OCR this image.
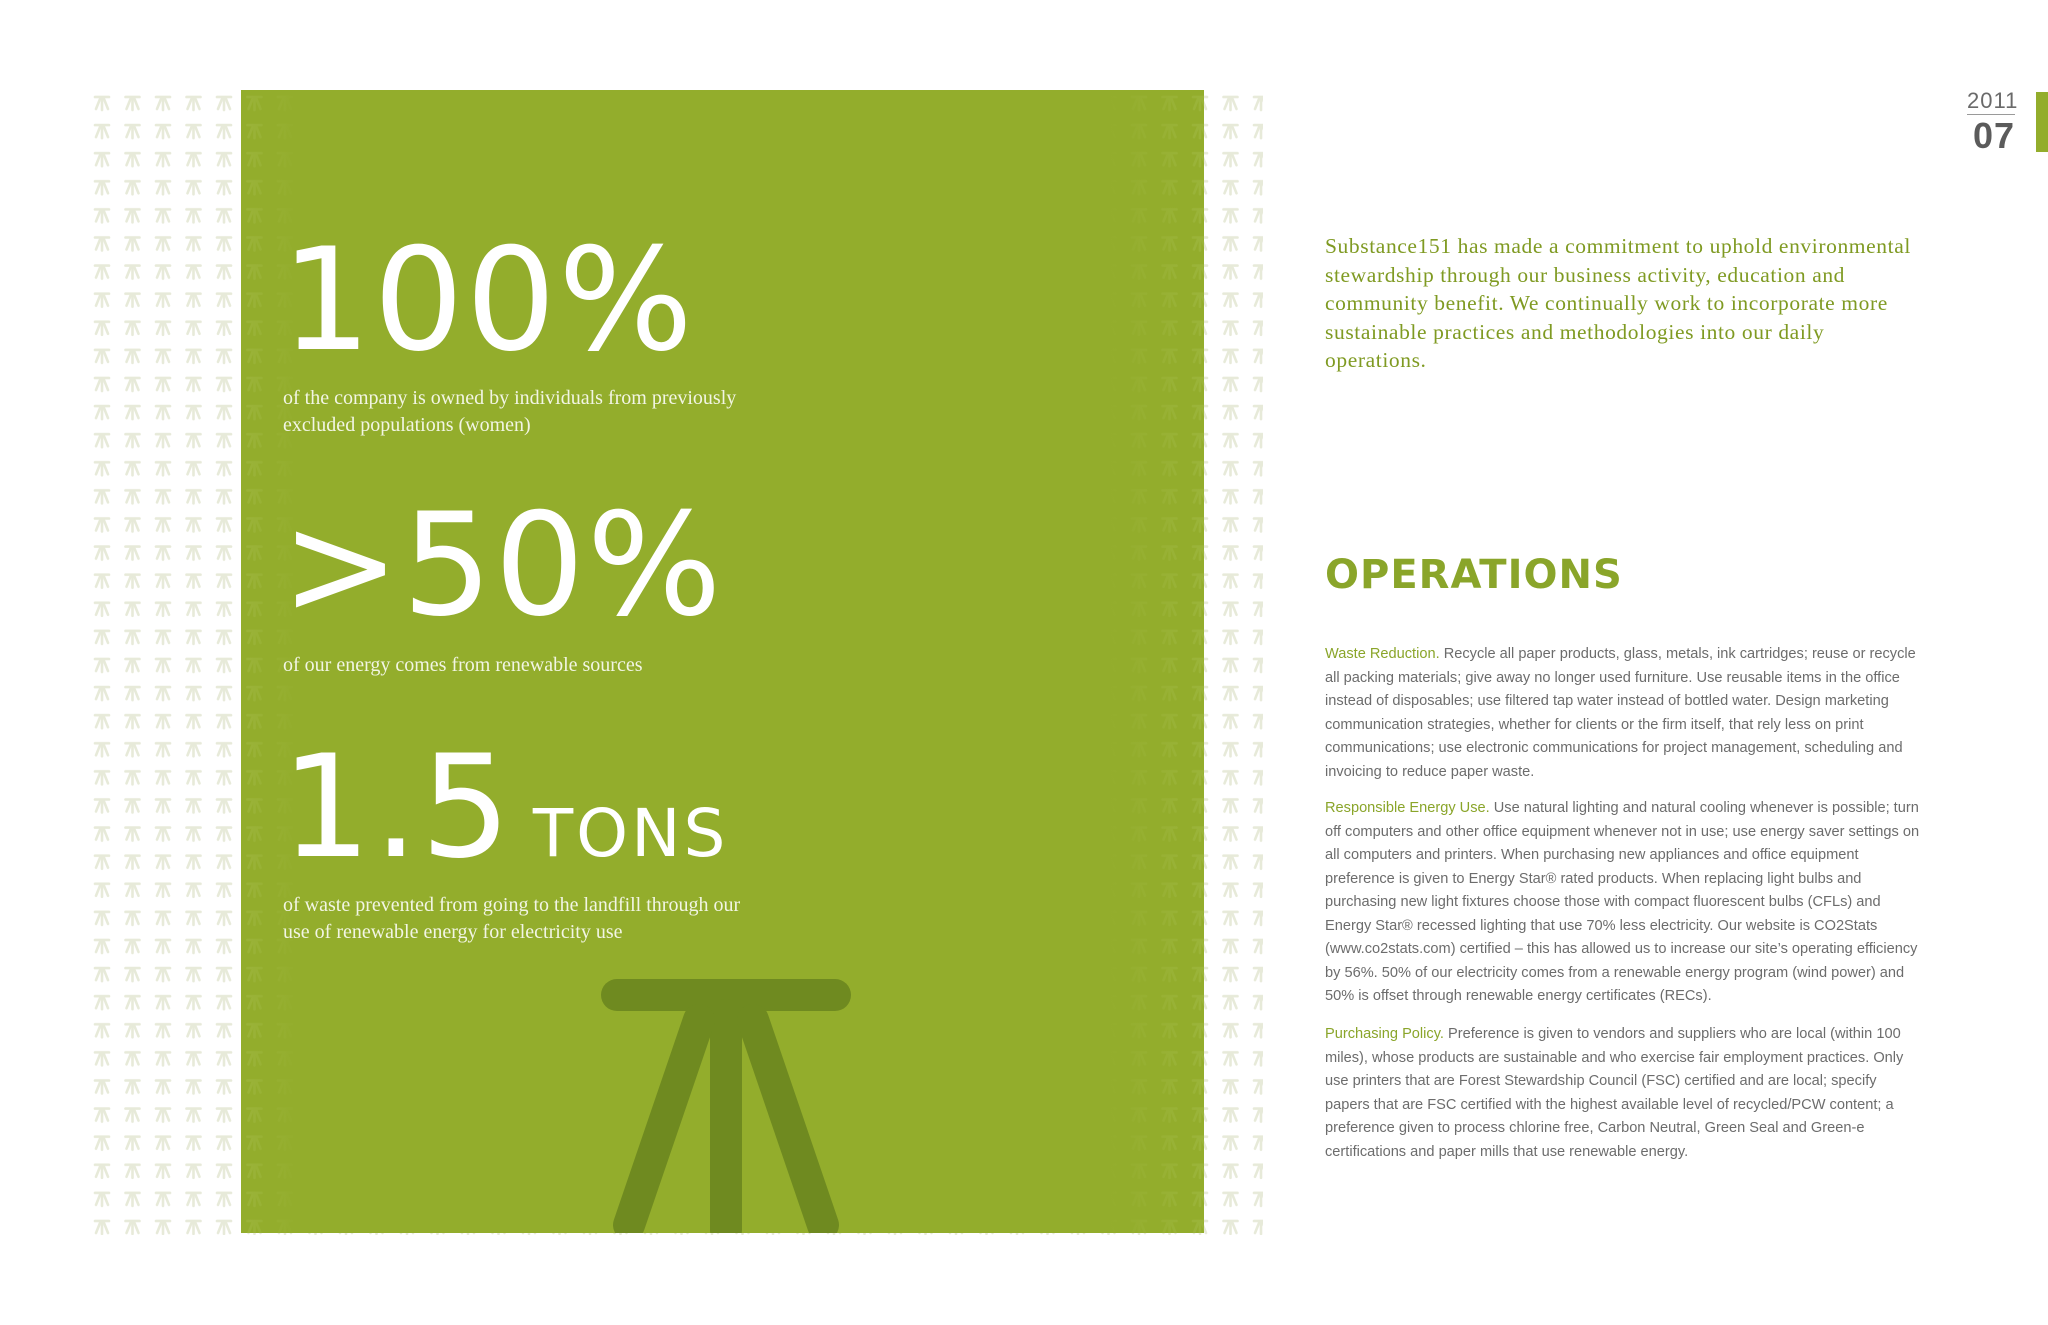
100%
of the company is owned by individuals from previously
excluded populations (women)
>50%
of our energy comes from renewable sources
1.5 TONS
of waste prevented from going to the landfill through our
use of renewable energy for electricity use
2011
07
Substance151 has made a commitment to uphold environmental stewardship through our business activity, education and community benefit. We continually work to incorporate more sustainable practices and methodologies into our daily operations.
OPERATIONS

Waste Reduction. Recycle all paper products, glass, metals, ink cartridges; reuse or recycle all packing materials; give away no longer used furniture. Use reusable items in the office instead of disposables; use filtered tap water instead of bottled water. Design marketing communication strategies, whether for clients or the firm itself, that rely less on print communications; use electronic communications for project management, scheduling and invoicing to reduce paper waste.

Responsible Energy Use. Use natural lighting and natural cooling whenever is possible; turn off computers and other office equipment whenever not in use; use energy saver settings on all computers and printers. When purchasing new appliances and office equipment preference is given to Energy Star® rated products. When replacing light bulbs and purchasing new light fixtures choose those with compact fluorescent bulbs (CFLs) and Energy Star® recessed lighting that use 70% less electricity. Our website is CO2Stats (www.co2stats.com) certified – this has allowed us to increase our site’s operating efficiency by 56%. 50% of our electricity comes from a renewable energy program (wind power) and 50% is offset through renewable energy certificates (RECs).

Purchasing Policy. Preference is given to vendors and suppliers who are local (within 100 miles), whose products are sustainable and who exercise fair employment practices. Only use printers that are Forest Stewardship Council (FSC) certified and are local; specify papers that are FSC certified with the highest available level of recycled/PCW content; a preference given to process chlorine free, Carbon Neutral, Green Seal and Green-e certifications and paper mills that use renewable energy.
